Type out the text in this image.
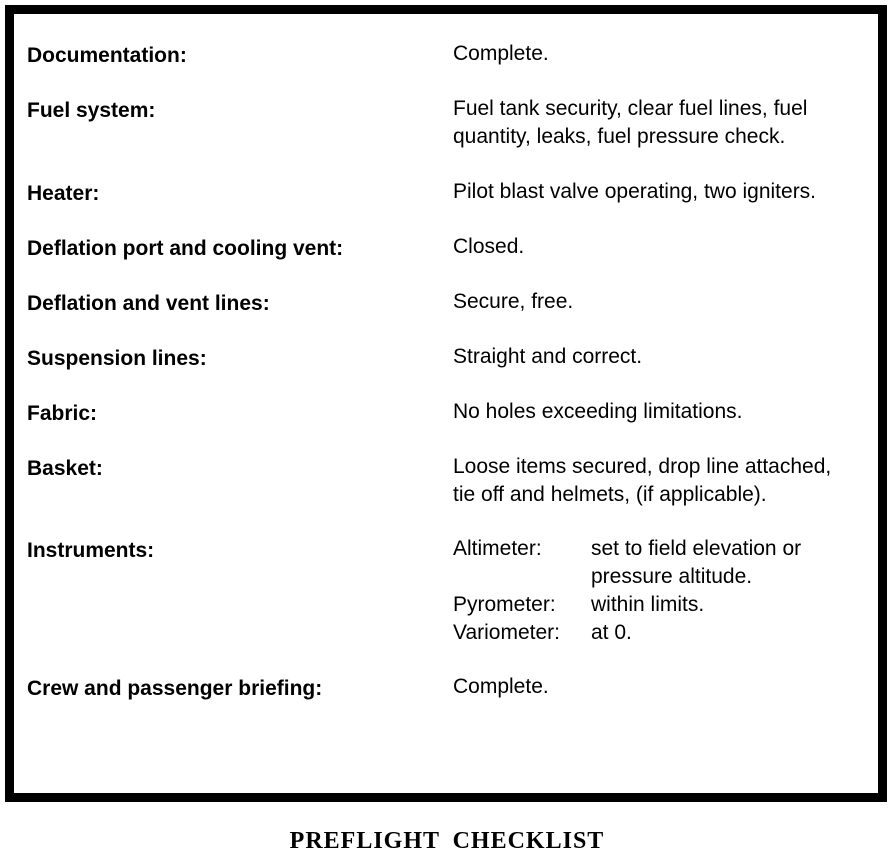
Documentation:	Complete.
Fuel system:	Fuel tank security, clear fuel lines, fuel
quantity, leaks, fuel pressure check.
Heater:	Pilot blast valve operating, two igniters.
Deflation port and cooling vent:	Closed.
Deflation and vent lines:	Secure, free.
Suspension lines:	Straight and correct.
Fabric:	No holes exceeding limitations.
Basket:	Loose items secured, drop line attached,
tie off and helmets, (if applicable).
Instruments:	Altimeter:	set to field elevation or
pressure altitude.
Pyrometer:	within limits.
Variometer:	at 0.
Crew and passenger briefing:	Complete.
PREFLIGHT CHECKLIST
